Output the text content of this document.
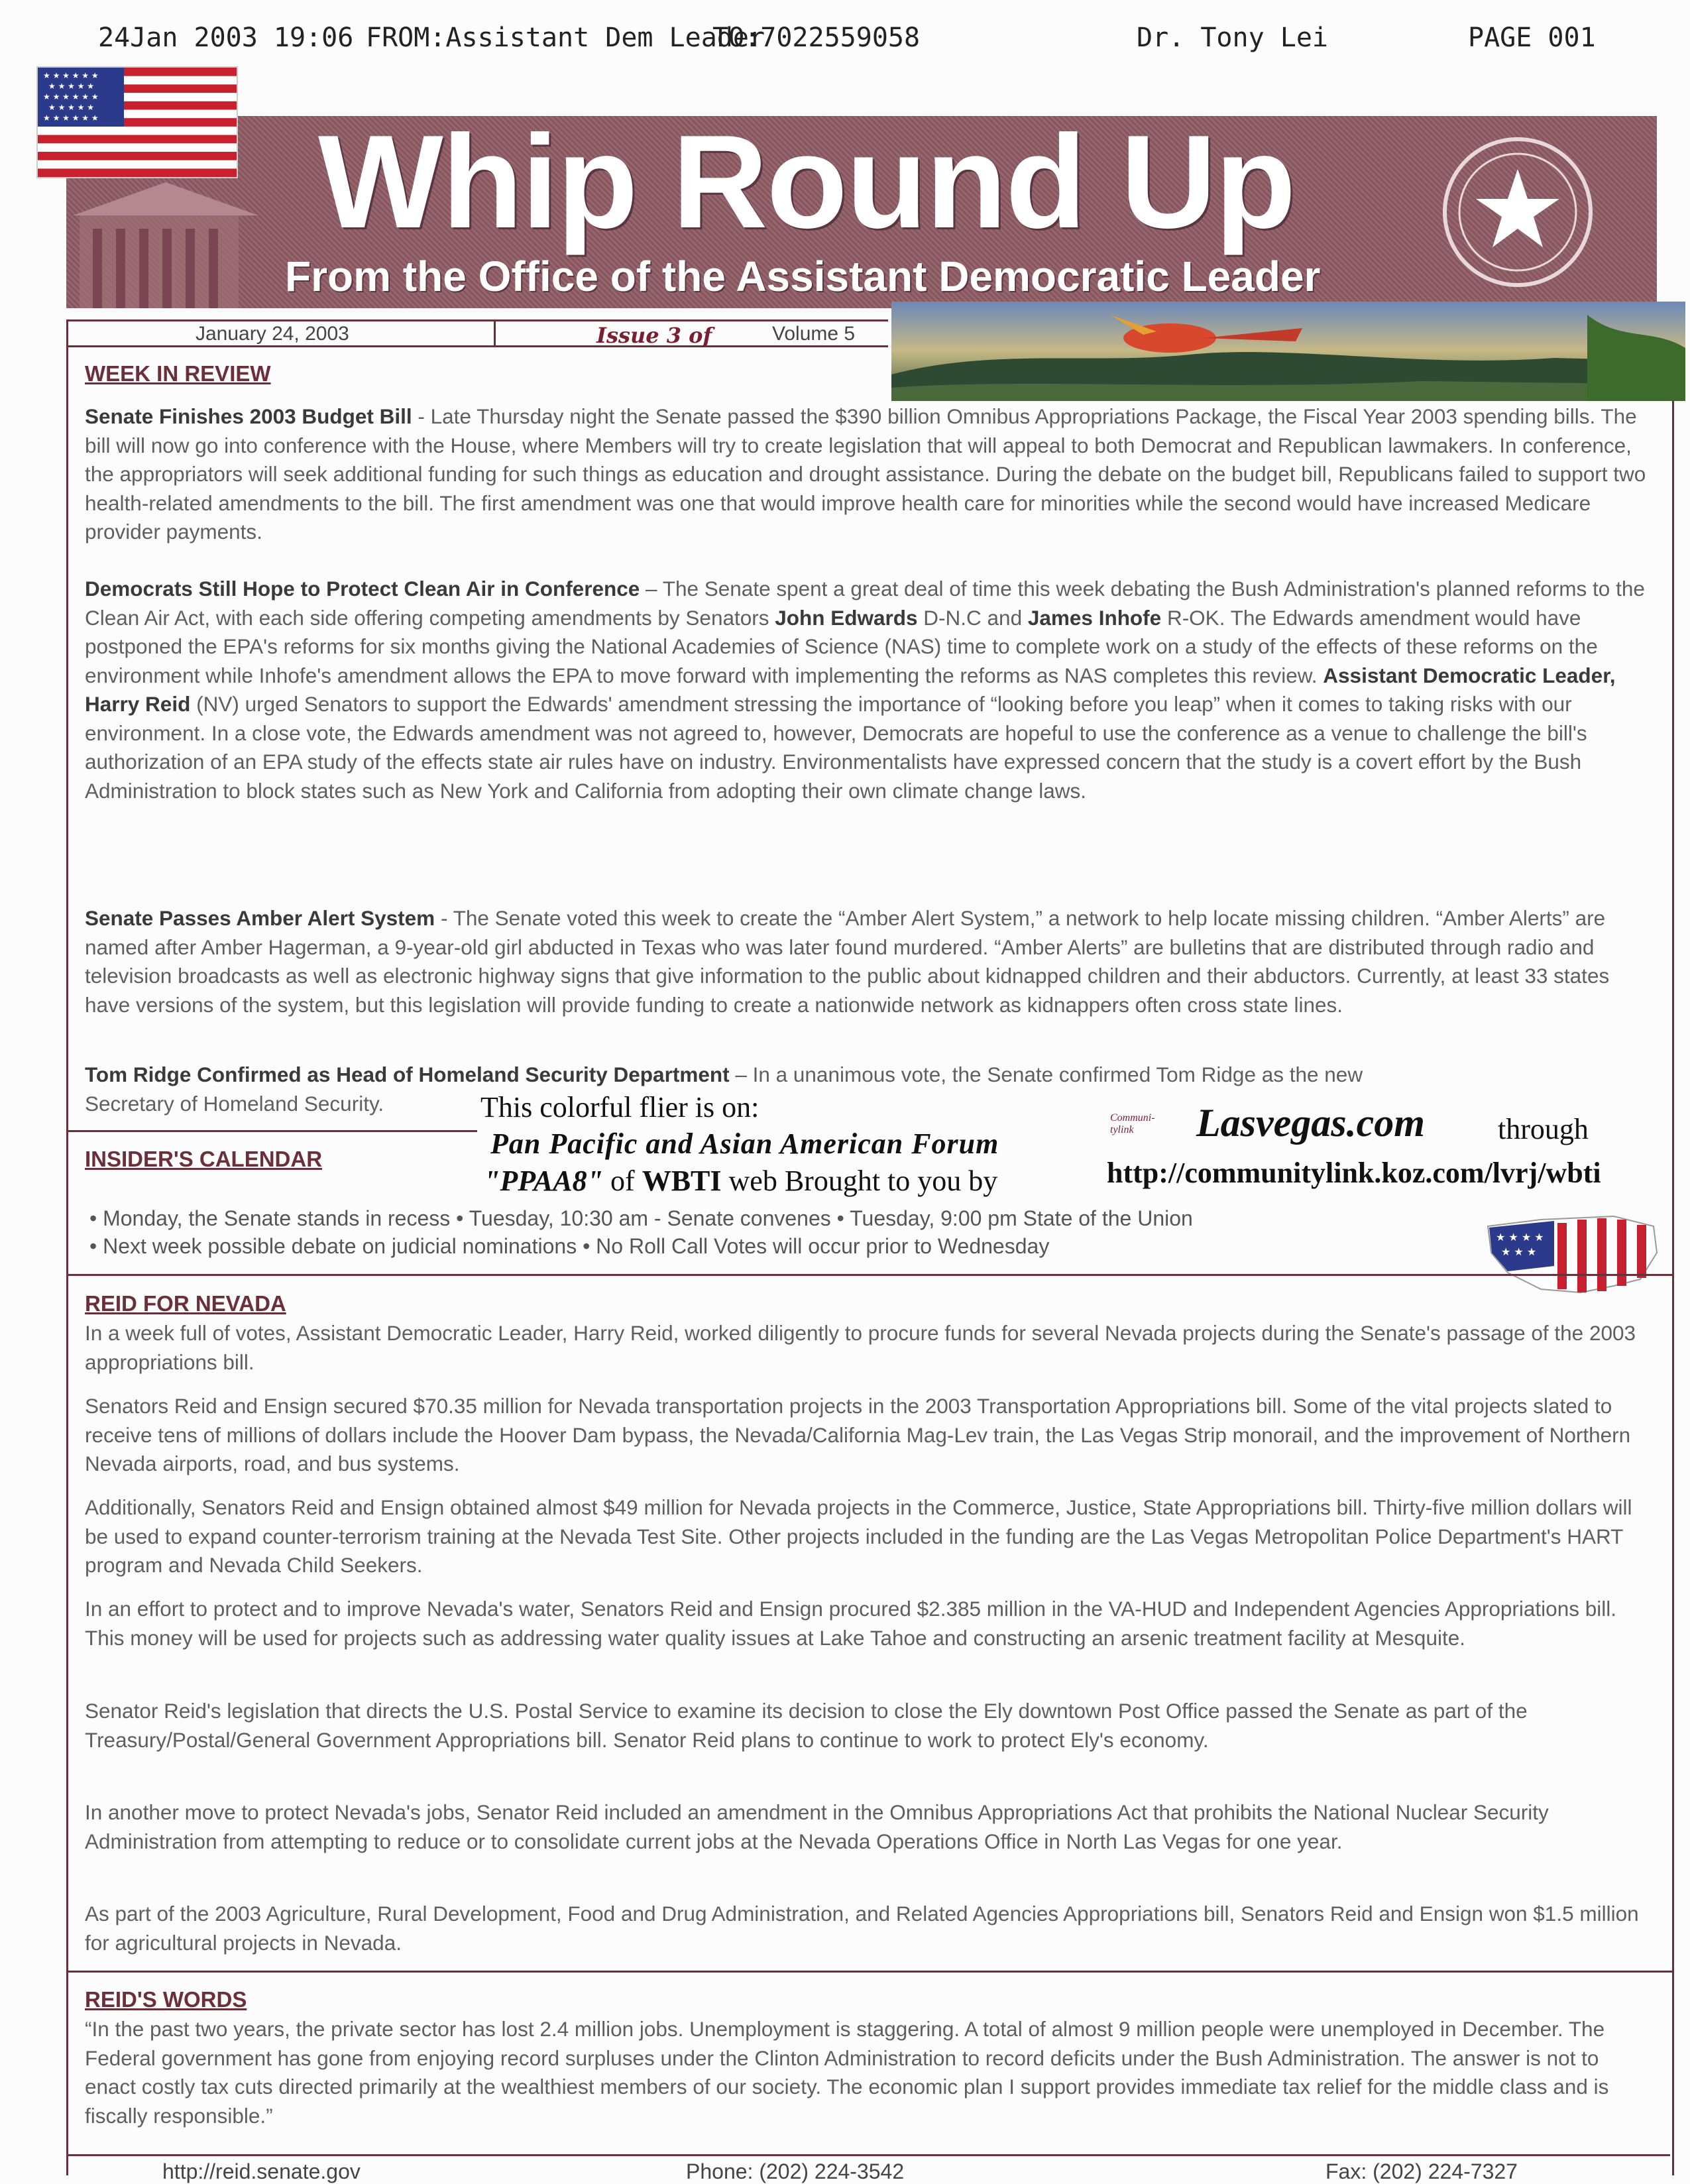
24Jan 2003 19:06 FROM:Assistant Dem Leader
TO:7022559058	Dr. Tony Lei	PAGE 001
Whip Round Up
From the Office of the Assistant Democratic Leader
★ ★ ★ ★ ★ ★
★ ★ ★ ★ ★
★ ★ ★ ★ ★ ★
★ ★ ★ ★ ★
★ ★ ★ ★ ★ ★
January 24, 2003	Issue 3 of	Volume 5
WEEK IN REVIEW

Senate Finishes 2003 Budget Bill - Late Thursday night the Senate passed the $390 billion Omnibus Appropriations Package, the Fiscal Year 2003 spending bills. The bill will now go into conference with the House, where Members will try to create legislation that will appeal to both Democrat and Republican lawmakers. In conference, the appropriators will seek additional funding for such things as education and drought assistance. During the debate on the budget bill, Republicans failed to support two health-related amendments to the bill. The first amendment was one that would improve health care for minorities while the second would have increased Medicare provider payments.

Democrats Still Hope to Protect Clean Air in Conference – The Senate spent a great deal of time this week debating the Bush Administration's planned reforms to the Clean Air Act, with each side offering competing amendments by Senators John Edwards D-N.C and James Inhofe R-OK. The Edwards amendment would have postponed the EPA's reforms for six months giving the National Academies of Science (NAS) time to complete work on a study of the effects of these reforms on the environment while Inhofe's amendment allows the EPA to move forward with implementing the reforms as NAS completes this review. Assistant Democratic Leader, Harry Reid (NV) urged Senators to support the Edwards' amendment stressing the importance of “looking before you leap” when it comes to taking risks with our environment. In a close vote, the Edwards amendment was not agreed to, however, Democrats are hopeful to use the conference as a venue to challenge the bill's authorization of an EPA study of the effects state air rules have on industry. Environmentalists have expressed concern that the study is a covert effort by the Bush Administration to block states such as New York and California from adopting their own climate change laws.

Senate Passes Amber Alert System - The Senate voted this week to create the “Amber Alert System,” a network to help locate missing children. “Amber Alerts” are named after Amber Hagerman, a 9-year-old girl abducted in Texas who was later found murdered. “Amber Alerts” are bulletins that are distributed through radio and television broadcasts as well as electronic highway signs that give information to the public about kidnapped children and their abductors. Currently, at least 33 states have versions of the system, but this legislation will provide funding to create a nationwide network as kidnappers often cross state lines.

Tom Ridge Confirmed as Head of Homeland Security Department – In a unanimous vote, the Senate confirmed Tom Ridge as the new

Secretary of Homeland Security.	This colorful flier is on:
Pan Pacific and Asian American Forum
"PPAA8" of WBTI web Brought to you by
Communi-tylink	Lasvegas.com	through
http://communitylink.koz.com/lvrj/wbti
INSIDER'S CALENDAR
• Monday, the Senate stands in recess • Tuesday, 10:30 am - Senate convenes • Tuesday, 9:00 pm State of the Union
• Next week possible debate on judicial nominations • No Roll Call Votes will occur prior to Wednesday	★ ★ ★ ★
★ ★ ★
REID FOR NEVADA

In a week full of votes, Assistant Democratic Leader, Harry Reid, worked diligently to procure funds for several Nevada projects during the Senate's passage of the 2003 appropriations bill.

Senators Reid and Ensign secured $70.35 million for Nevada transportation projects in the 2003 Transportation Appropriations bill. Some of the vital projects slated to receive tens of millions of dollars include the Hoover Dam bypass, the Nevada/California Mag-Lev train, the Las Vegas Strip monorail, and the improvement of Northern Nevada airports, road, and bus systems.

Additionally, Senators Reid and Ensign obtained almost $49 million for Nevada projects in the Commerce, Justice, State Appropriations bill. Thirty-five million dollars will be used to expand counter-terrorism training at the Nevada Test Site. Other projects included in the funding are the Las Vegas Metropolitan Police Department's HART program and Nevada Child Seekers.

In an effort to protect and to improve Nevada's water, Senators Reid and Ensign procured $2.385 million in the VA-HUD and Independent Agencies Appropriations bill. This money will be used for projects such as addressing water quality issues at Lake Tahoe and constructing an arsenic treatment facility at Mesquite.

Senator Reid's legislation that directs the U.S. Postal Service to examine its decision to close the Ely downtown Post Office passed the Senate as part of the Treasury/Postal/General Government Appropriations bill. Senator Reid plans to continue to work to protect Ely's economy.

In another move to protect Nevada's jobs, Senator Reid included an amendment in the Omnibus Appropriations Act that prohibits the National Nuclear Security Administration from attempting to reduce or to consolidate current jobs at the Nevada Operations Office in North Las Vegas for one year.

As part of the 2003 Agriculture, Rural Development, Food and Drug Administration, and Related Agencies Appropriations bill, Senators Reid and Ensign won $1.5 million for agricultural projects in Nevada.

REID'S WORDS

“In the past two years, the private sector has lost 2.4 million jobs. Unemployment is staggering. A total of almost 9 million people were unemployed in December. The Federal government has gone from enjoying record surpluses under the Clinton Administration to record deficits under the Bush Administration. The answer is not to enact costly tax cuts directed primarily at the wealthiest members of our society. The economic plan I support provides immediate tax relief for the middle class and is fiscally responsible.”

http://reid.senate.gov	Phone: (202) 224-3542	Fax: (202) 224-7327
